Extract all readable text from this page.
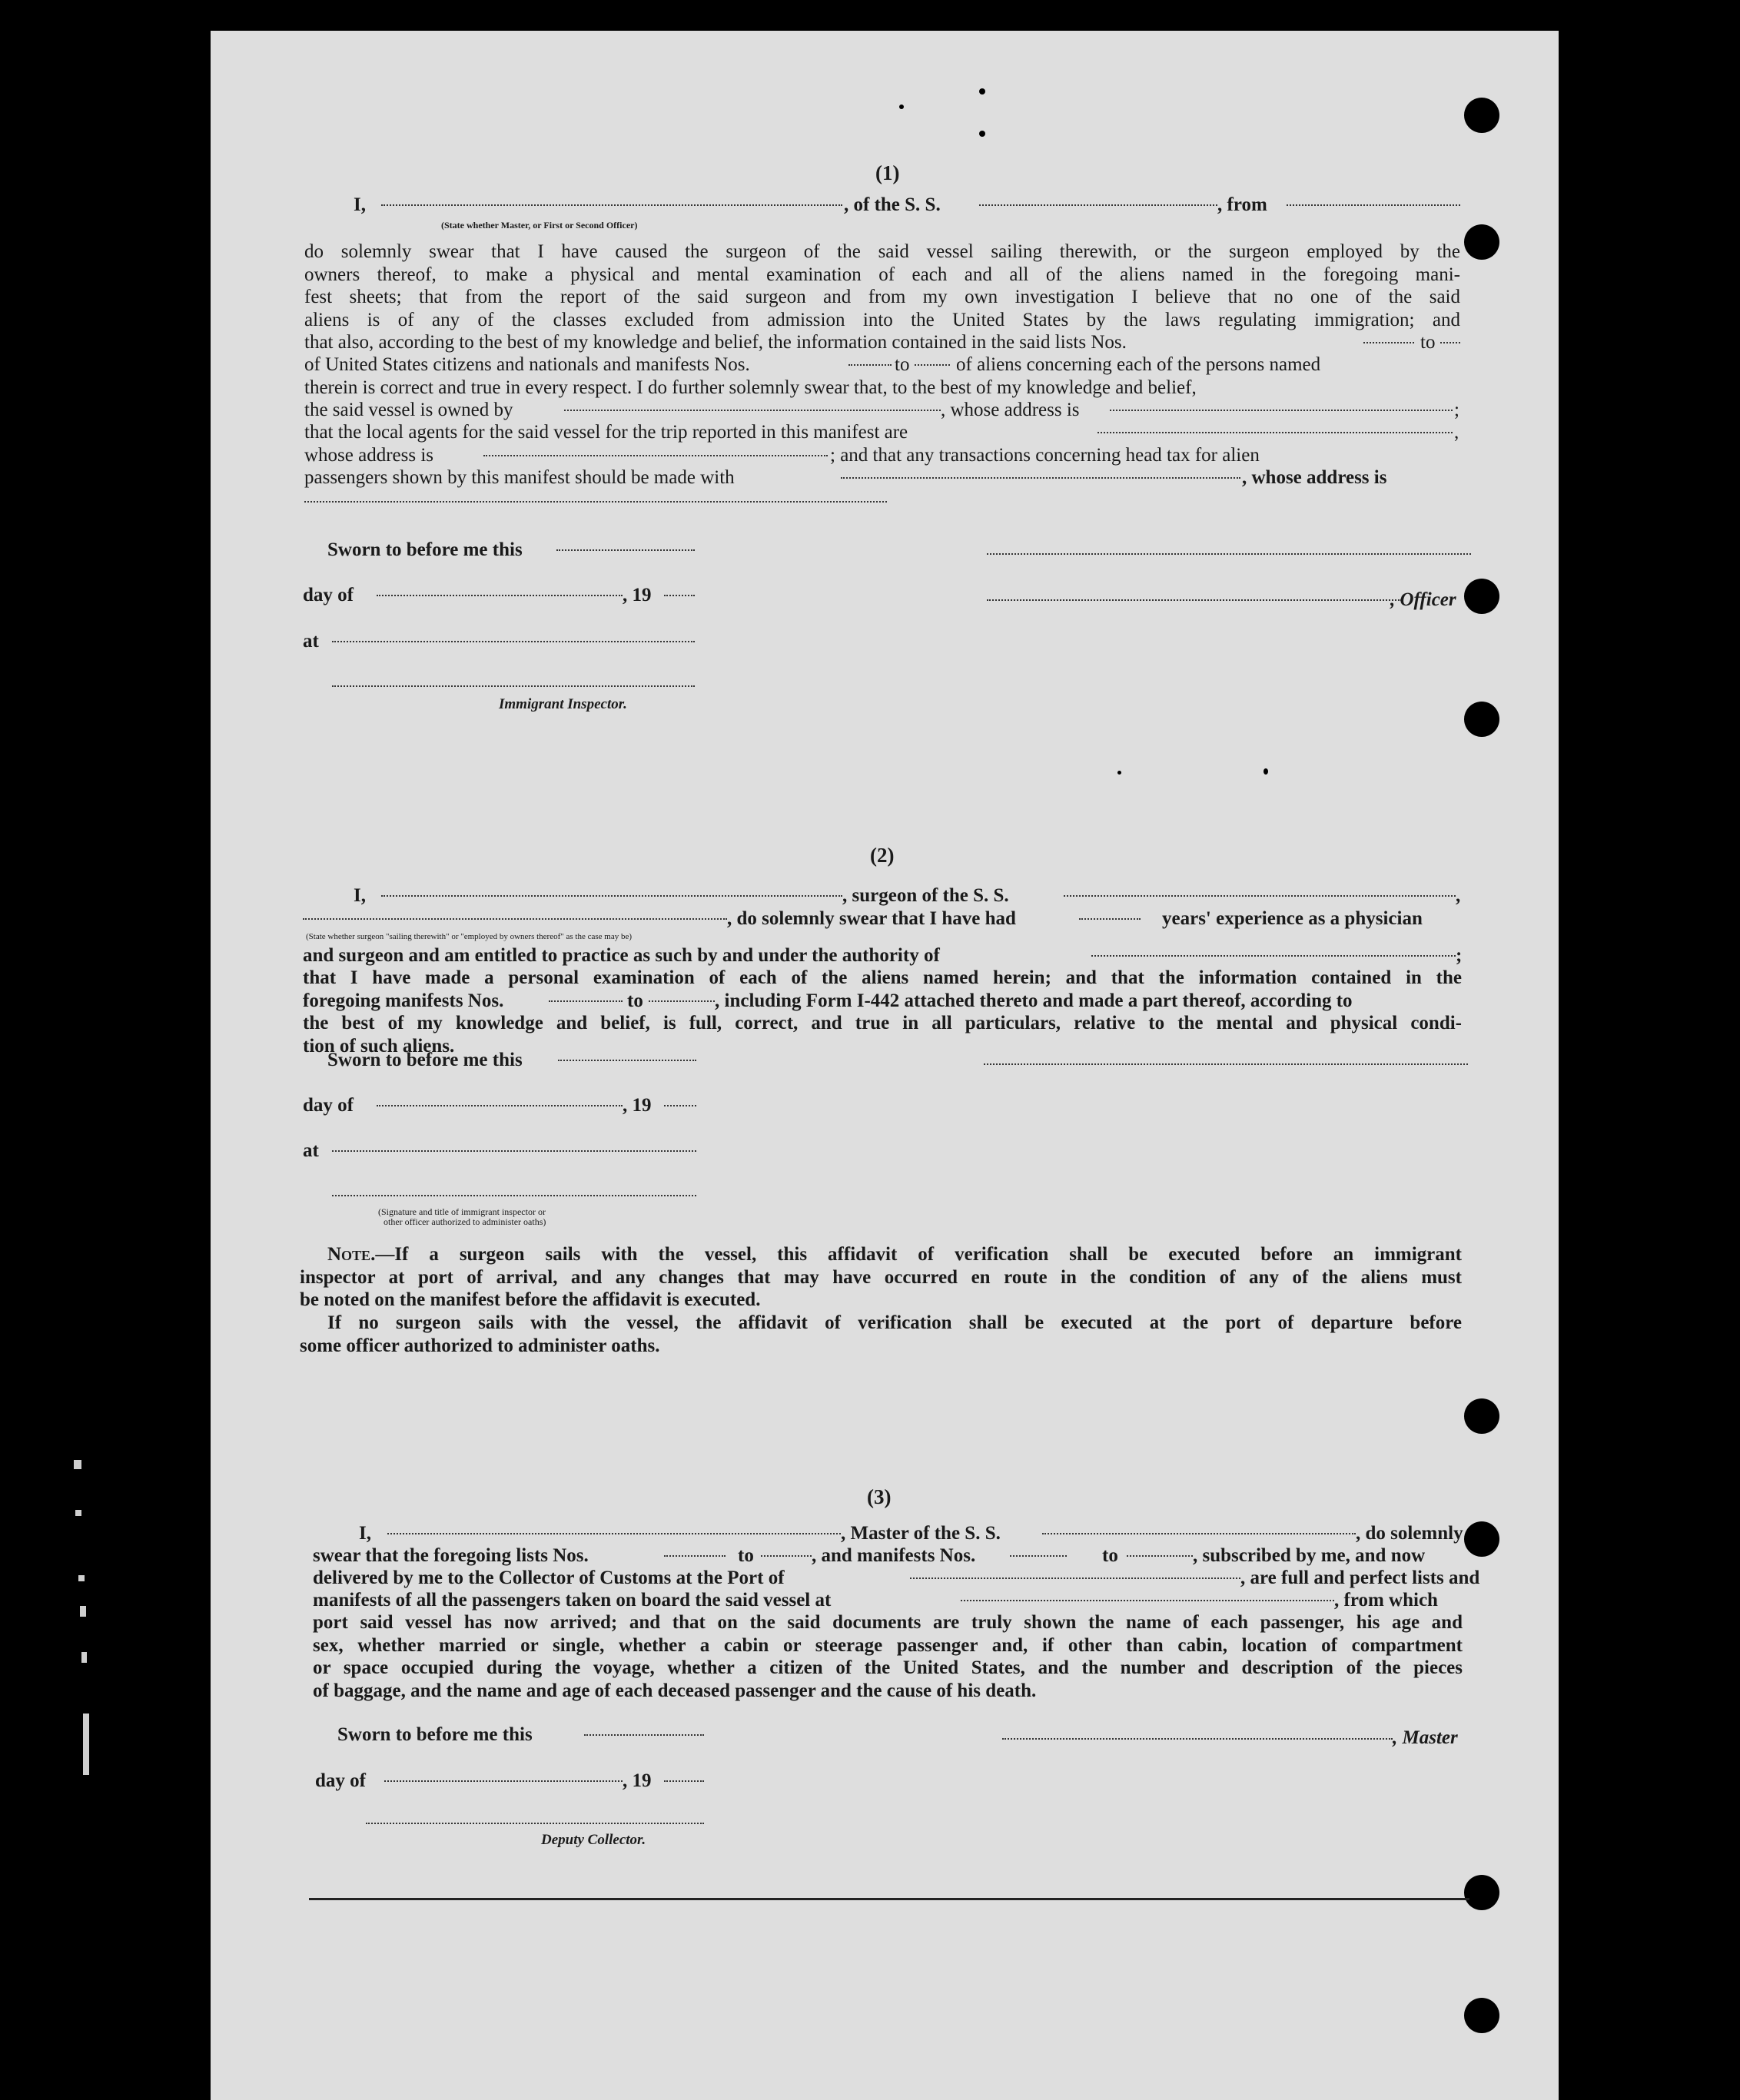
(1)
I,	, of the S. S.	, from
(State whether Master, or First or Second Officer)
do solemnly swear that I have caused the surgeon of the said vessel sailing therewith, or the surgeon employed by the
owners thereof, to make a physical and mental examination of each and all of the aliens named in the foregoing mani-
fest sheets; that from the report of the said surgeon and from my own investigation I believe that no one of the said
aliens is of any of the classes excluded from admission into the United States by the laws regulating immigration; and
that also, according to the best of my knowledge and belief, the information contained in the said lists Nos.	to
of United States citizens and nationals and manifests Nos.	to of aliens concerning each of the persons named
therein is correct and true in every respect. I do further solemnly swear that, to the best of my knowledge and belief,
the said vessel is owned by	, whose address is	;
that the local agents for the said vessel for the trip reported in this manifest are	,
whose address is	; and that any transactions concerning head tax for alien
passengers shown by this manifest should be made with	, whose address is
Sworn to before me this
day of	, 19	, Officer
at
Immigrant Inspector.
(2)
I,	, surgeon of the S. S.	,
, do solemnly swear that I have had	years' experience as a physician
(State whether surgeon "sailing therewith" or "employed by owners thereof" as the case may be)
and surgeon and am entitled to practice as such by and under the authority of	;
that I have made a personal examination of each of the aliens named herein; and that the information contained in the
foregoing manifests Nos.	to	, including Form I-442 attached thereto and made a part thereof, according to
the best of my knowledge and belief, is full, correct, and true in all particulars, relative to the mental and physical condi-
tion of such aliens.
Sworn to before me this
day of	, 19
at
(Signature and title of immigrant inspector or
other officer authorized to administer oaths)
Note.—If a surgeon sails with the vessel, this affidavit of verification shall be executed before an immigrant
inspector at port of arrival, and any changes that may have occurred en route in the condition of any of the aliens must
be noted on the manifest before the affidavit is executed.
If no surgeon sails with the vessel, the affidavit of verification shall be executed at the port of departure before
some officer authorized to administer oaths.
(3)
I,	, Master of the S. S.	, do solemnly
swear that the foregoing lists Nos.	to	, and manifests Nos.	to	, subscribed by me, and now
delivered by me to the Collector of Customs at the Port of	, are full and perfect lists and
manifests of all the passengers taken on board the said vessel at	, from which
port said vessel has now arrived; and that on the said documents are truly shown the name of each passenger, his age and
sex, whether married or single, whether a cabin or steerage passenger and, if other than cabin, location of compartment
or space occupied during the voyage, whether a citizen of the United States, and the number and description of the pieces
of baggage, and the name and age of each deceased passenger and the cause of his death.
Sworn to before me this	, Master
day of	, 19
Deputy Collector.
